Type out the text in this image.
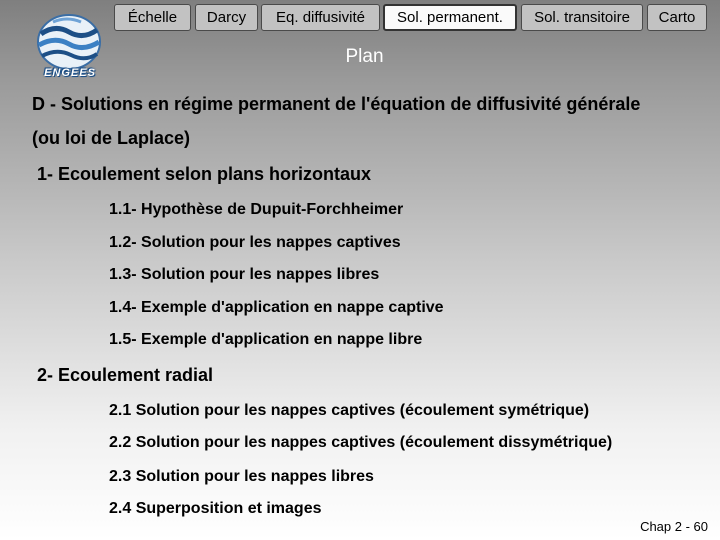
ENGEES
Échelle	Darcy	Eq. diffusivité	Sol. permanent.	Sol. transitoire	Carto
Plan
D - Solutions en régime permanent de l'équation de diffusivité générale
(ou loi de Laplace)
1- Ecoulement selon plans horizontaux
1.1- Hypothèse de Dupuit-Forchheimer
1.2- Solution pour les nappes captives
1.3- Solution pour les nappes libres
1.4- Exemple d'application en nappe captive
1.5- Exemple d'application en nappe libre
2- Ecoulement radial
2.1 Solution pour les nappes captives (écoulement symétrique)
2.2 Solution pour les nappes captives (écoulement dissymétrique)
2.3 Solution pour les nappes libres
2.4 Superposition et images
Chap 2 - 60
